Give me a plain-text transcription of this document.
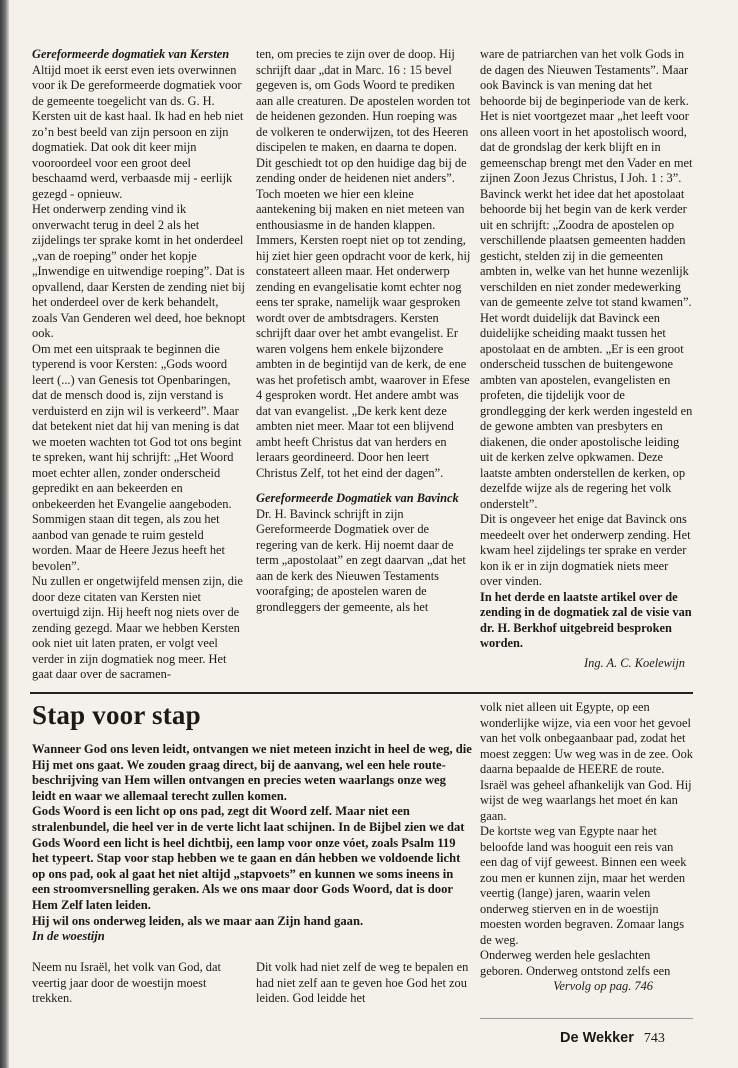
Gereformeerde dogmatiek van Kersten

Altijd moet ik eerst even iets overwinnen voor ik De gereformeerde dogmatiek voor de gemeente toegelicht van ds. G. H. Kersten uit de kast haal. Ik had en heb niet zo’n best beeld van zijn persoon en zijn dogmatiek. Dat ook dit keer mijn vooroordeel voor een groot deel beschaamd werd, verbaasde mij - eerlijk gezegd - opnieuw.

Het onderwerp zending vind ik onverwacht terug in deel 2 als het zijdelings ter sprake komt in het onderdeel „van de roeping” onder het kopje „Inwendige en uitwendige roeping”. Dat is opvallend, daar Kersten de zending niet bij het onderdeel over de kerk behandelt, zoals Van Genderen wel deed, hoe beknopt ook.

Om met een uitspraak te beginnen die typerend is voor Kersten: „Gods woord leert (...) van Genesis tot Openbaringen, dat de mensch dood is, zijn verstand is verduisterd en zijn wil is verkeerd”. Maar dat betekent niet dat hij van mening is dat we moeten wachten tot God tot ons begint te spreken, want hij schrijft: „Het Woord moet echter allen, zonder onderscheid gepredikt en aan bekeerden en onbekeerden het Evangelie aangeboden. Sommigen staan dit tegen, als zou het aanbod van genade te ruim gesteld worden. Maar de Heere Jezus heeft het bevolen”.

Nu zullen er ongetwijfeld mensen zijn, die door deze citaten van Kersten niet overtuigd zijn. Hij heeft nog niets over de zending gezegd. Maar we hebben Kersten ook niet uit laten praten, er volgt veel verder in zijn dogmatiek nog meer. Het gaat daar over de sacramen-

ten, om precies te zijn over de doop. Hij schrijft daar „dat in Marc. 16 : 15 bevel gegeven is, om Gods Woord te prediken aan alle creaturen. De apostelen worden tot de heidenen gezonden. Hun roeping was de volkeren te onderwijzen, tot des Heeren discipelen te maken, en daarna te dopen. Dit geschiedt tot op den huidige dag bij de zending onder de heidenen niet anders”.

Toch moeten we hier een kleine aantekening bij maken en niet meteen van enthousiasme in de handen klappen. Immers, Kersten roept niet op tot zending, hij ziet hier geen opdracht voor de kerk, hij constateert alleen maar. Het onderwerp zending en evangelisatie komt echter nog eens ter sprake, namelijk waar gesproken wordt over de ambtsdragers. Kersten schrijft daar over het ambt evangelist. Er waren volgens hem enkele bijzondere ambten in de begintijd van de kerk, de ene was het profetisch ambt, waarover in Efese 4 gesproken wordt. Het andere ambt was dat van evangelist. „De kerk kent deze ambten niet meer. Maar tot een blijvend ambt heeft Christus dat van herders en leraars geordineerd. Door hen leert Christus Zelf, tot het eind der dagen”.

Gereformeerde Dogmatiek van Bavinck

Dr. H. Bavinck schrijft in zijn Gereformeerde Dogmatiek over de regering van de kerk. Hij noemt daar de term „apostolaat” en zegt daarvan „dat het aan de kerk des Nieuwen Testaments voorafging; de apostelen waren de grondleggers der gemeente, als het

ware de patriarchen van het volk Gods in de dagen des Nieuwen Testaments”. Maar ook Bavinck is van mening dat het behoorde bij de beginperiode van de kerk. Het is niet voortgezet maar „het leeft voor ons alleen voort in het apostolisch woord, dat de grondslag der kerk blijft en in gemeenschap brengt met den Vader en met zijnen Zoon Jezus Christus, I Joh. 1 : 3”.

Bavinck werkt het idee dat het apostolaat behoorde bij het begin van de kerk verder uit en schrijft: „Zoodra de apostelen op verschillende plaatsen gemeenten hadden gesticht, stelden zij in die gemeenten ambten in, welke van het hunne wezenlijk verschilden en niet zonder medewerking van de gemeente zelve tot stand kwamen”. Het wordt duidelijk dat Bavinck een duidelijke scheiding maakt tussen het apostolaat en de ambten. „Er is een groot onderscheid tusschen de buitengewone ambten van apostelen, evangelisten en profeten, die tijdelijk voor de grondlegging der kerk werden ingesteld en de gewone ambten van presbyters en diakenen, die onder apostolische leiding uit de kerken zelve opkwamen. Deze laatste ambten onderstellen de kerken, op dezelfde wijze als de regering het volk onderstelt”.

Dit is ongeveer het enige dat Bavinck ons meedeelt over het onderwerp zending. Het kwam heel zijdelings ter sprake en verder kon ik er in zijn dogmatiek niets meer over vinden.

In het derde en laatste artikel over de zending in de dogmatiek zal de visie van dr. H. Berkhof uitgebreid besproken worden.

Ing. A. C. Koelewijn

Stap voor stap

Wanneer God ons leven leidt, ontvangen we niet meteen inzicht in heel de weg, die Hij met ons gaat. We zouden graag direct, bij de aanvang, wel een hele route-beschrijving van Hem willen ontvangen en precies weten waarlangs onze weg leidt en waar we allemaal terecht zullen komen.

Gods Woord is een licht op ons pad, zegt dit Woord zelf. Maar niet een stralenbundel, die heel ver in de verte licht laat schijnen. In de Bijbel zien we dat Gods Woord een licht is heel dichtbij, een lamp voor onze vóet, zoals Psalm 119 het typeert. Stap voor stap hebben we te gaan en dán hebben we voldoende licht op ons pad, ook al gaat het niet altijd „stapvoets” en kunnen we soms ineens in een stroomversnelling geraken. Als we ons maar door Gods Woord, dat is door Hem Zelf laten leiden.

Hij wil ons onderweg leiden, als we maar aan Zijn hand gaan.

In de woestijn

Neem nu Israël, het volk van God, dat veertig jaar door de woestijn moest trekken.

Dit volk had niet zelf de weg te bepalen en had niet zelf aan te geven hoe God het zou leiden. God leidde het

volk niet alleen uit Egypte, op een wonderlijke wijze, via een voor het gevoel van het volk onbegaanbaar pad, zodat het moest zeggen: Uw weg was in de zee. Ook daarna bepaalde de HEERE de route. Israël was geheel afhankelijk van God. Hij wijst de weg waarlangs het moet én kan gaan.

De kortste weg van Egypte naar het beloofde land was hooguit een reis van een dag of vijf geweest. Binnen een week zou men er kunnen zijn, maar het werden veertig (lange) jaren, waarin velen onderweg stierven en in de woestijn moesten worden begraven. Zomaar langs de weg.

Onderweg werden hele geslachten geboren. Onderweg ontstond zelfs een

Vervolg op pag. 746

De Wekker 743
